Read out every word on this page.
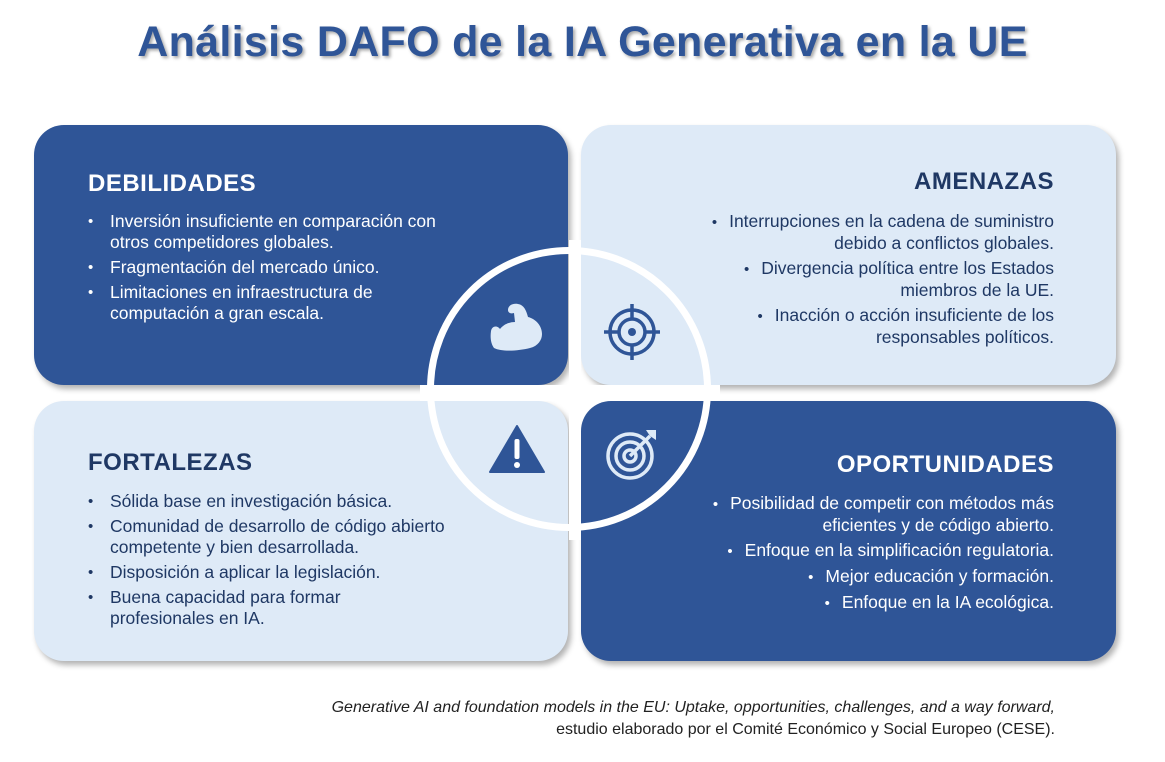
Análisis DAFO de la IA Generativa en la UE
DEBILIDADES
• Inversión insuficiente en comparación con otros competidores globales.
• Fragmentación del mercado único.
• Limitaciones en infraestructura de computación a gran escala.
AMENAZAS
• Interrupciones en la cadena de suministro debido a conflictos globales.
• Divergencia política entre los Estados miembros de la UE.
• Inacción o acción insuficiente de los responsables políticos.
FORTALEZAS
• Sólida base en investigación básica.
• Comunidad de desarrollo de código abierto competente y bien desarrollada.
• Disposición a aplicar la legislación.
• Buena capacidad para formar profesionales en IA.
OPORTUNIDADES
• Posibilidad de competir con métodos más eficientes y de código abierto.
• Enfoque en la simplificación regulatoria.
• Mejor educación y formación.
• Enfoque en la IA ecológica.
Generative AI and foundation models in the EU: Uptake, opportunities, challenges, and a way forward,
estudio elaborado por el Comité Económico y Social Europeo (CESE).
